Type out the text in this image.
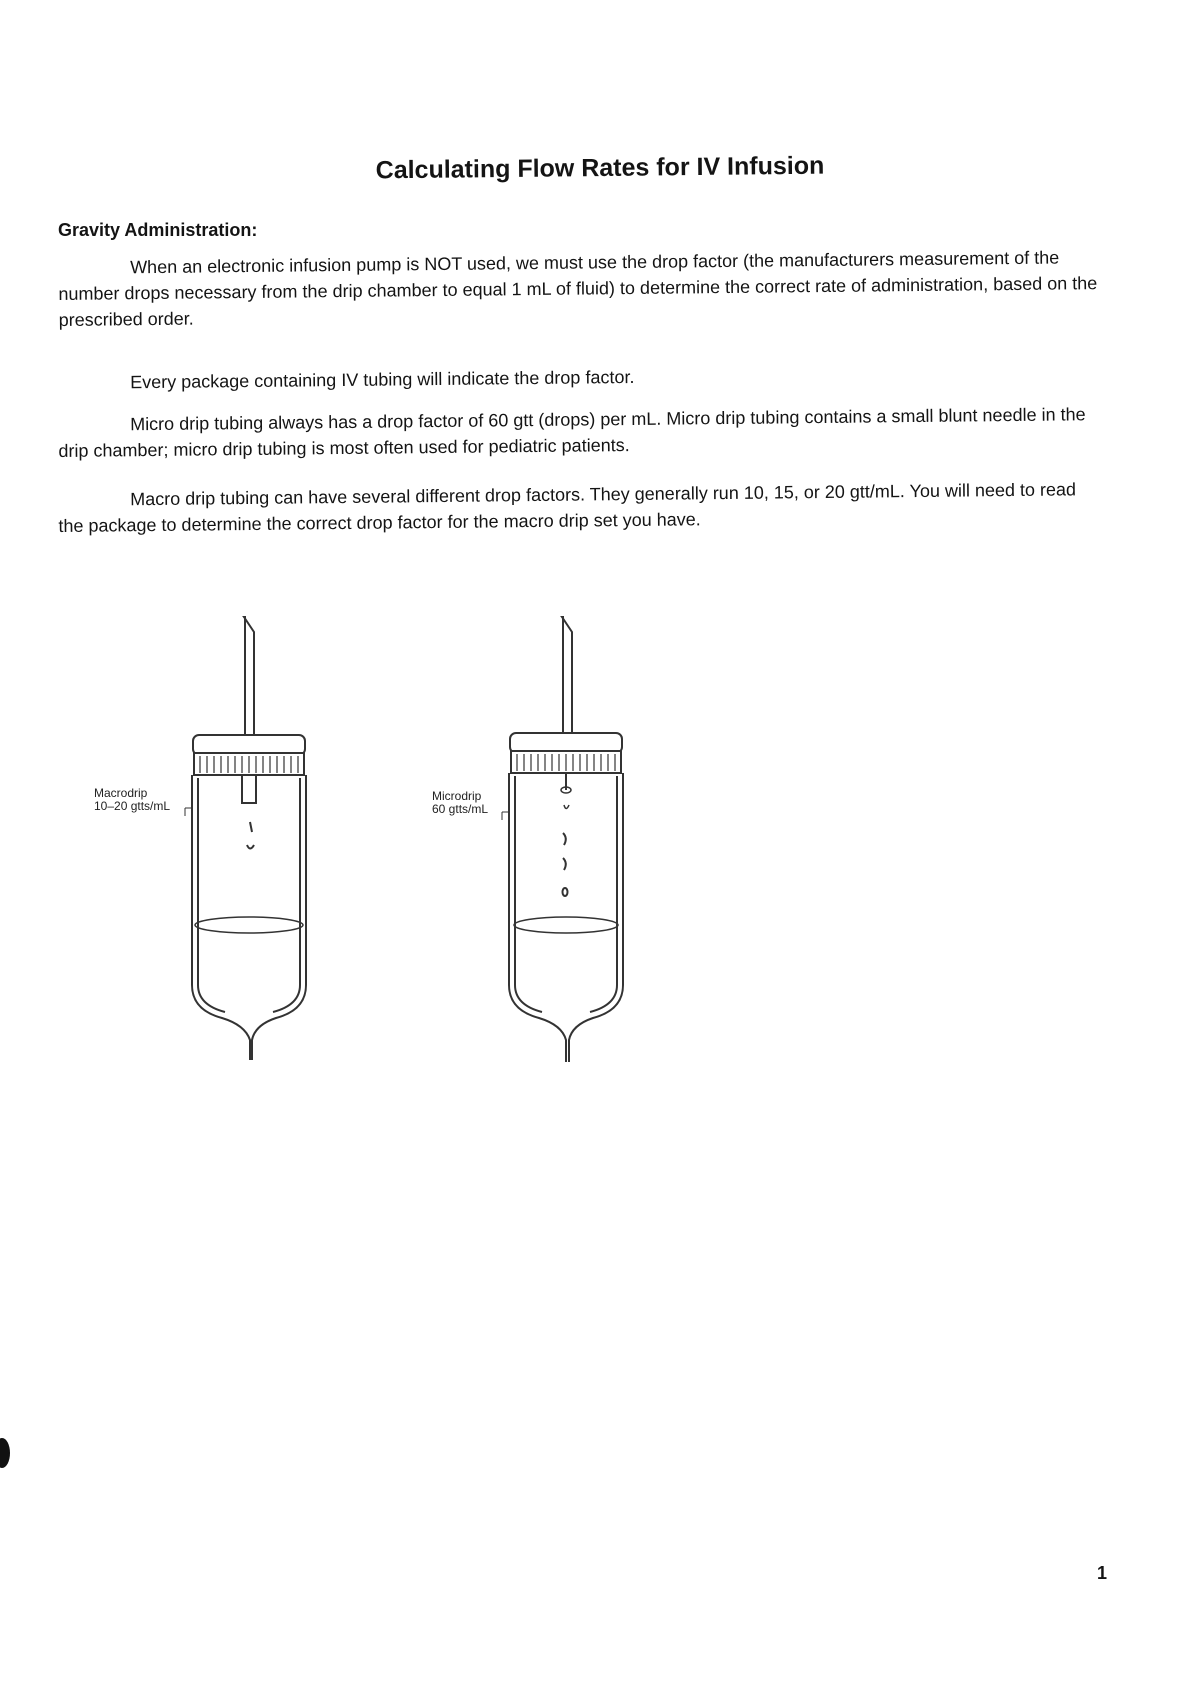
Calculating Flow Rates for IV Infusion
Gravity Administration:
When an electronic infusion pump is NOT used, we must use the drop factor (the manufacturers measurement of the number drops necessary from the drip chamber to equal 1 mL of fluid) to determine the correct rate of administration, based on the prescribed order.
Every package containing IV tubing will indicate the drop factor.
Micro drip tubing always has a drop factor of 60 gtt (drops) per mL. Micro drip tubing contains a small blunt needle in the drip chamber; micro drip tubing is most often used for pediatric patients.
Macro drip tubing can have several different drop factors. They generally run 10, 15, or 20 gtt/mL. You will need to read the package to determine the correct drop factor for the macro drip set you have.
Macrodrip
10–20 gtts/mL
Microdrip
60 gtts/mL
1
